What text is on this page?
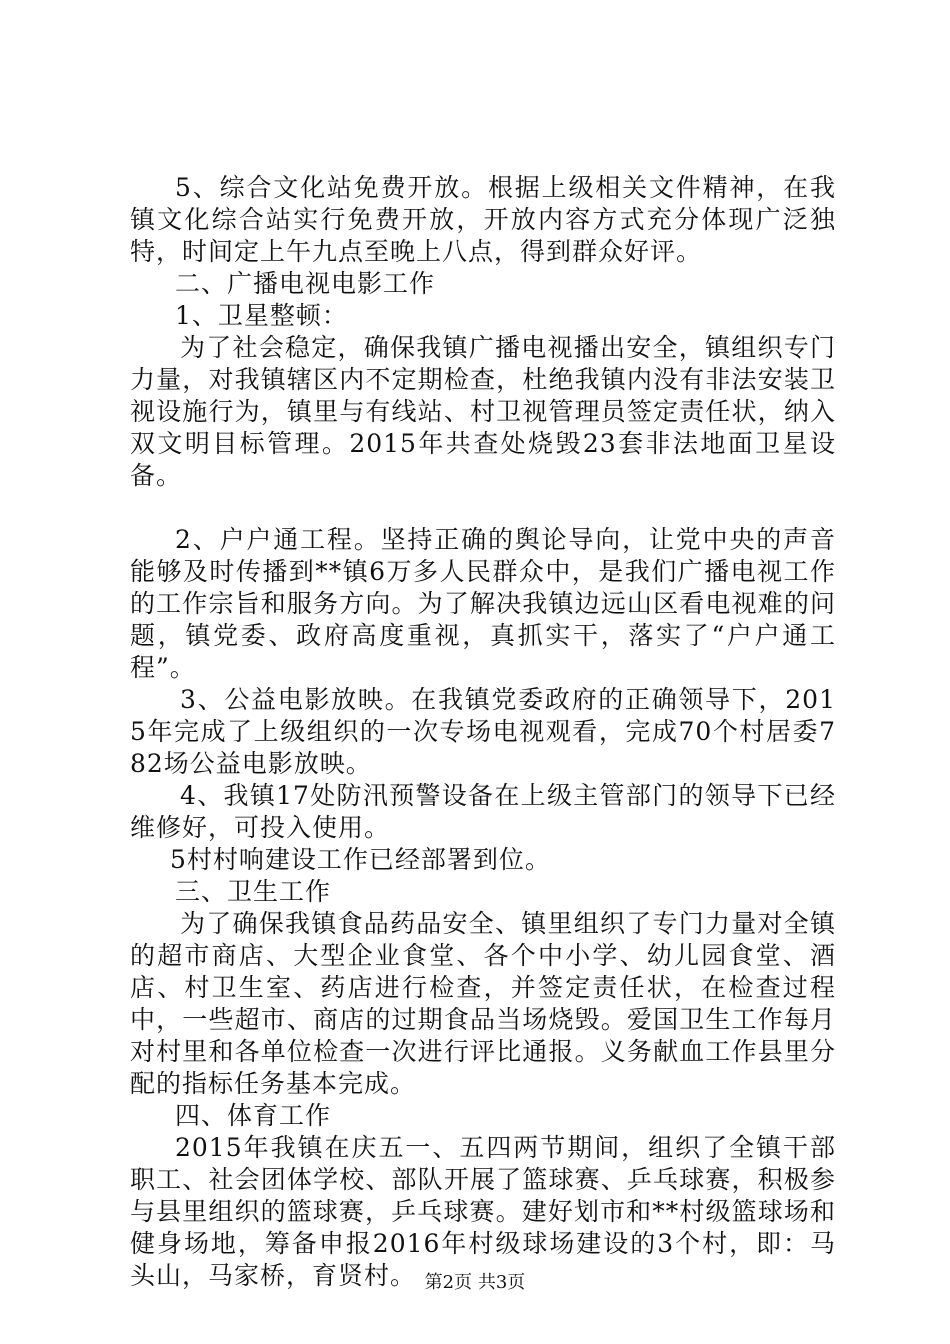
5、综合文化站免费开放。根据上级相关文件精神，在我镇文化综合站实行免费开放，开放内容方式充分体现广泛独特，时间定上午九点至晚上八点，得到群众好评。

二、广播电视电影工作

1、卫星整顿：

为了社会稳定，确保我镇广播电视播出安全，镇组织专门力量，对我镇辖区内不定期检查，杜绝我镇内没有非法安装卫视设施行为，镇里与有线站、村卫视管理员签定责任状，纳入双文明目标管理。2015年共查处烧毁23套非法地面卫星设备。

2、户户通工程。坚持正确的舆论导向，让党中央的声音能够及时传播到**镇6万多人民群众中，是我们广播电视工作的工作宗旨和服务方向。为了解决我镇边远山区看电视难的问题，镇党委、政府高度重视，真抓实干，落实了“户户通工程”。

3、公益电影放映。在我镇党委政府的正确领导下，2015年完成了上级组织的一次专场电视观看，完成70个村居委782场公益电影放映。

4、我镇17处防汛预警设备在上级主管部门的领导下已经维修好，可投入使用。

5村村响建设工作已经部署到位。

三、卫生工作

为了确保我镇食品药品安全、镇里组织了专门力量对全镇的超市商店、大型企业食堂、各个中小学、幼儿园食堂、酒店、村卫生室、药店进行检查，并签定责任状，在检查过程中，一些超市、商店的过期食品当场烧毁。爱国卫生工作每月对村里和各单位检查一次进行评比通报。义务献血工作县里分配的指标任务基本完成。

四、体育工作

2015年我镇在庆五一、五四两节期间，组织了全镇干部职工、社会团体学校、部队开展了篮球赛、乒乓球赛，积极参与县里组织的篮球赛，乒乓球赛。建好划市和**村级篮球场和健身场地，筹备申报2016年村级球场建设的3个村，即：马头山，马家桥，育贤村。 第2页 共3页
